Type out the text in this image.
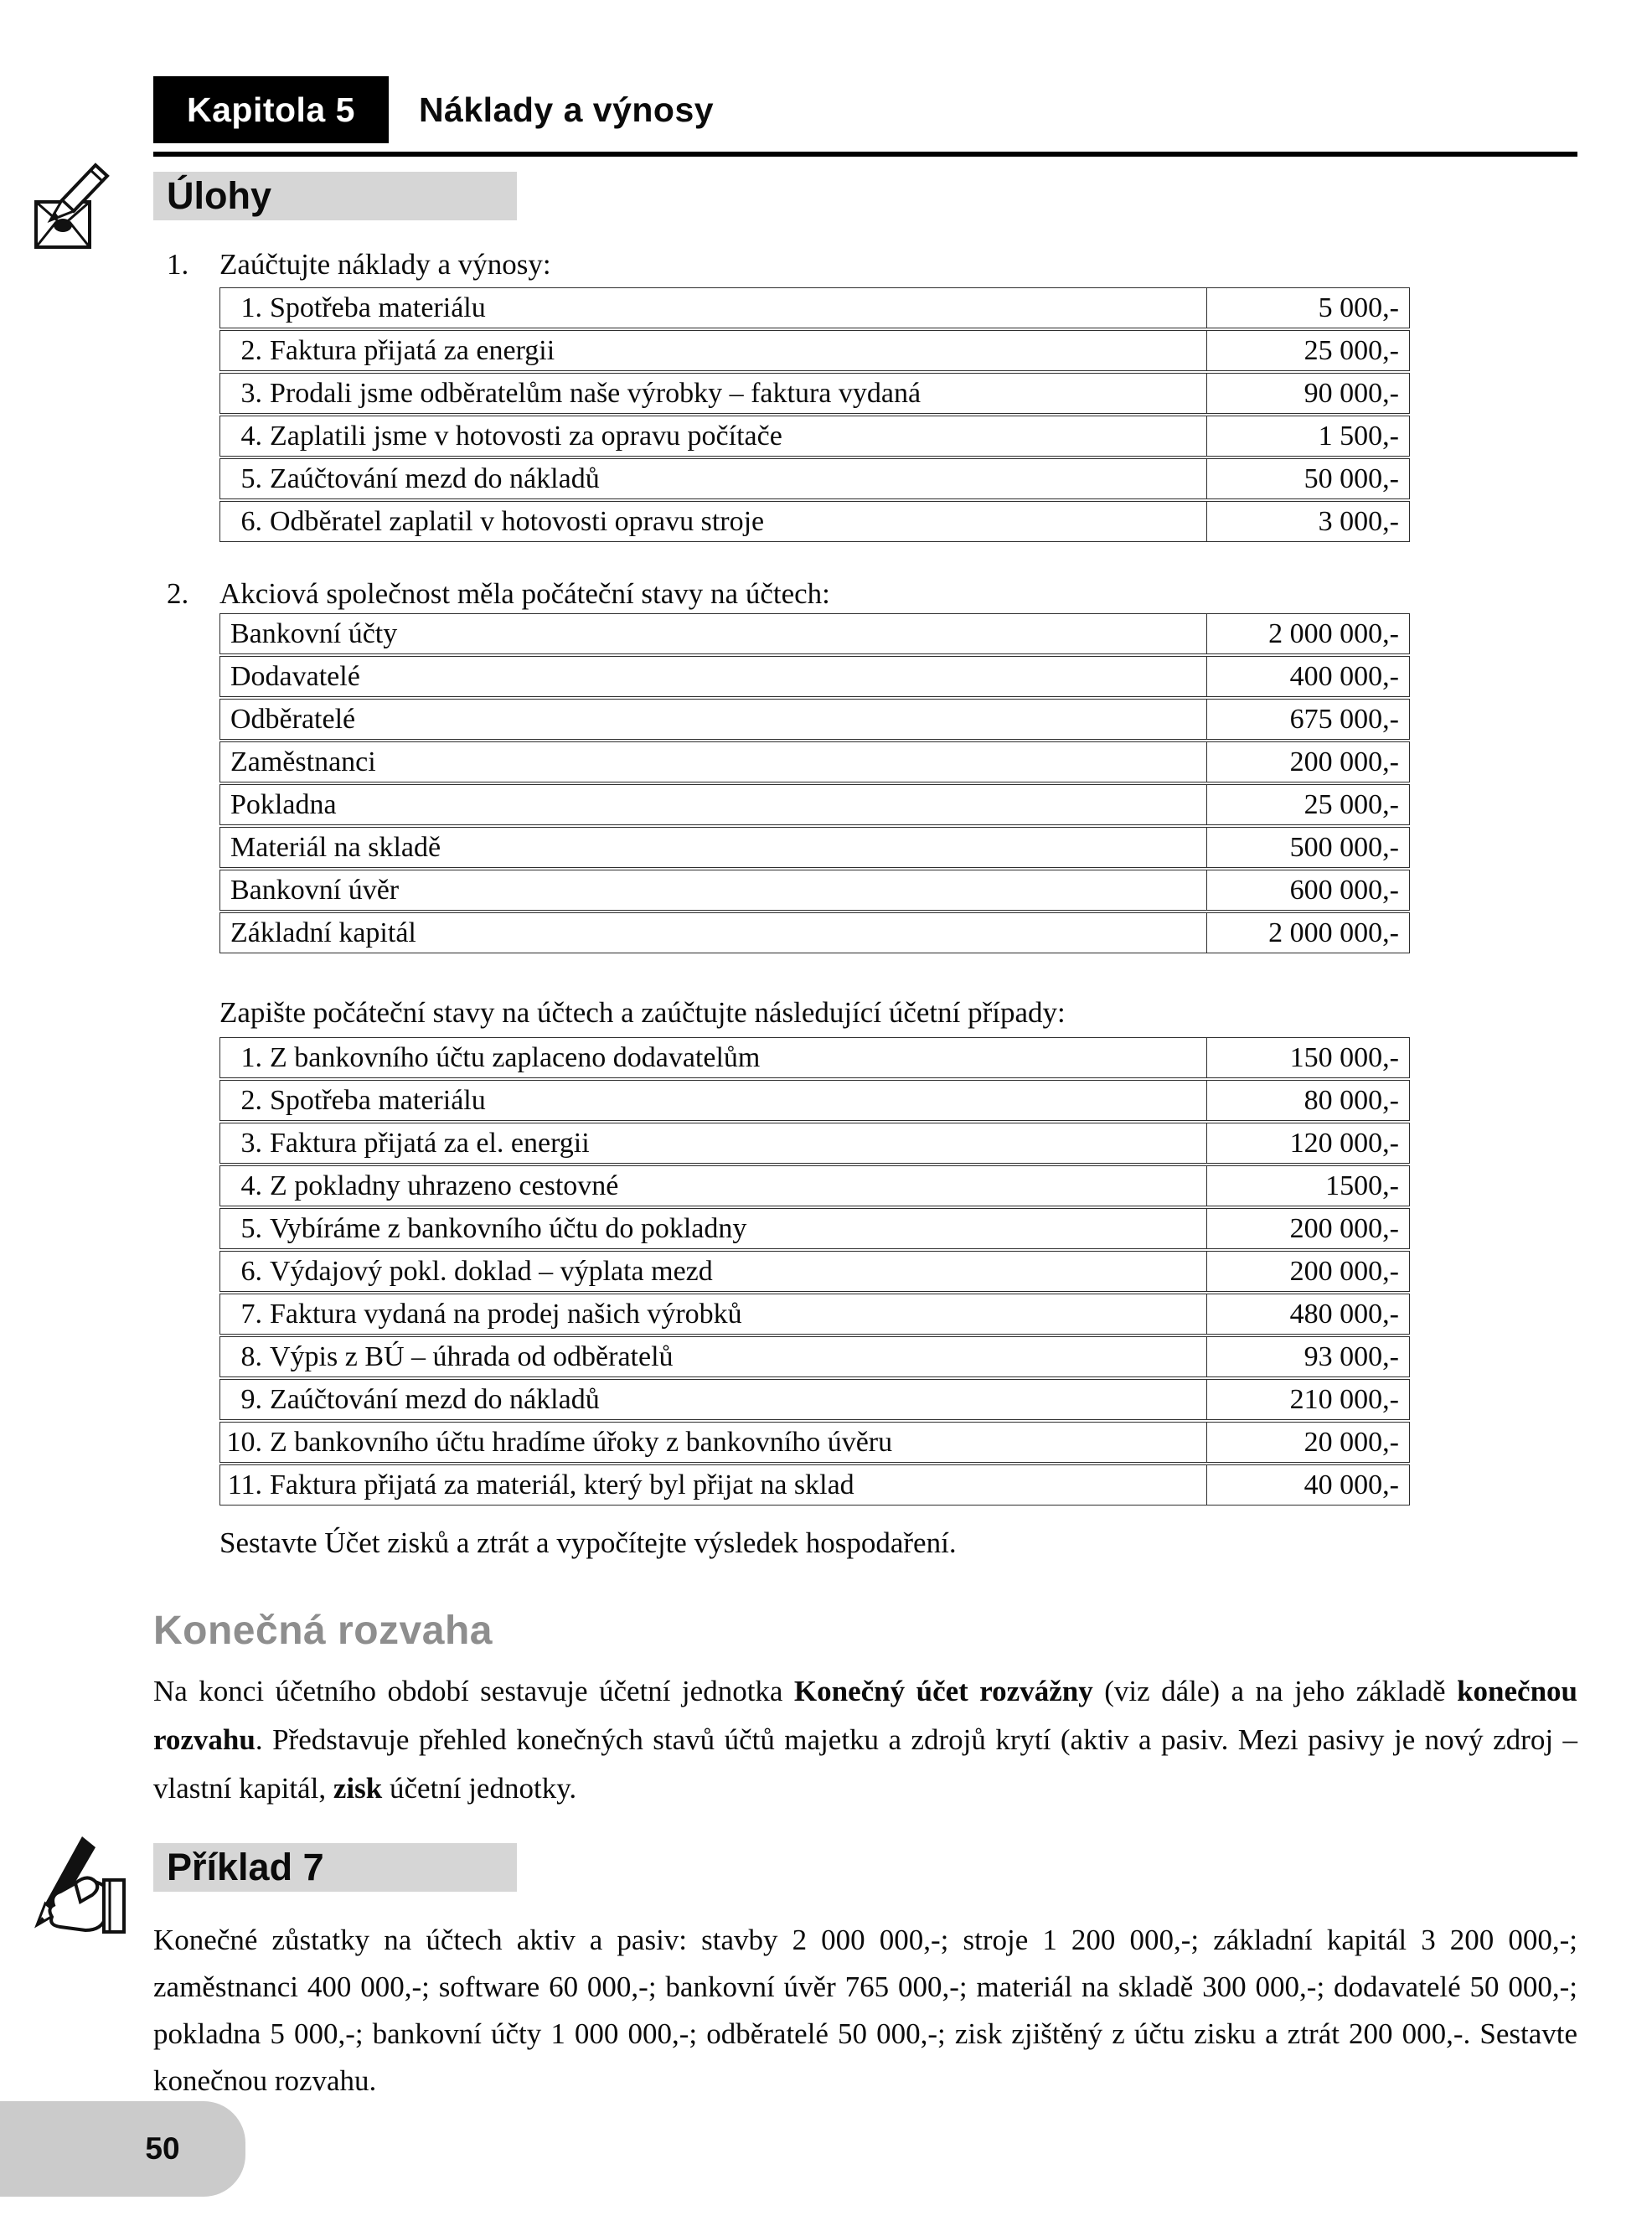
Kapitola 5	Náklady a výnosy
Úlohy
1.	Zaúčtujte náklady a výnosy:
1. Spotřeba materiálu	5 000,-
2. Faktura přijatá za energii	25 000,-
3. Prodali jsme odběratelům naše výrobky – faktura vydaná	90 000,-
4. Zaplatili jsme v hotovosti za opravu počítače	1 500,-
5. Zaúčtování mezd do nákladů	50 000,-
6. Odběratel zaplatil v hotovosti opravu stroje	3 000,-
2.	Akciová společnost měla počáteční stavy na účtech:
Bankovní účty	2 000 000,-
Dodavatelé	400 000,-
Odběratelé	675 000,-
Zaměstnanci	200 000,-
Pokladna	25 000,-
Materiál na skladě	500 000,-
Bankovní úvěr	600 000,-
Základní kapitál	2 000 000,-

Zapište počáteční stavy na účtech a zaúčtujte následující účetní případy:

1. Z bankovního účtu zaplaceno dodavatelům	150 000,-
2. Spotřeba materiálu	80 000,-
3. Faktura přijatá za el. energii	120 000,-
4. Z pokladny uhrazeno cestovné	1500,-
5. Vybíráme z bankovního účtu do pokladny	200 000,-
6. Výdajový pokl. doklad – výplata mezd	200 000,-
7. Faktura vydaná na prodej našich výrobků	480 000,-
8. Výpis z BÚ – úhrada od odběratelů	93 000,-
9. Zaúčtování mezd do nákladů	210 000,-
10. Z bankovního účtu hradíme úřoky z bankovního úvěru	20 000,-
11. Faktura přijatá za materiál, který byl přijat na sklad	40 000,-

Sestavte Účet zisků a ztrát a vypočítejte výsledek hospodaření.

Konečná rozvaha

Na konci účetního období sestavuje účetní jednotka Konečný účet rozvážny (viz dále) a na jeho základě konečnou rozvahu. Představuje přehled konečných stavů účtů majetku a zdrojů krytí (aktiv a pasiv. Mezi pasivy je nový zdroj – vlastní kapitál, zisk účetní jednotky.

Příklad 7

Konečné zůstatky na účtech aktiv a pasiv: stavby 2 000 000,-; stroje 1 200 000,-; základní kapitál 3 200 000,-; zaměstnanci 400 000,-; software 60 000,-; bankovní úvěr 765 000,-; materiál na skladě 300 000,-; dodavatelé 50 000,-; pokladna 5 000,-; bankovní účty 1 000 000,-; odběratelé 50 000,-; zisk zjištěný z účtu zisku a ztrát 200 000,-. Sestavte konečnou rozvahu.

50
